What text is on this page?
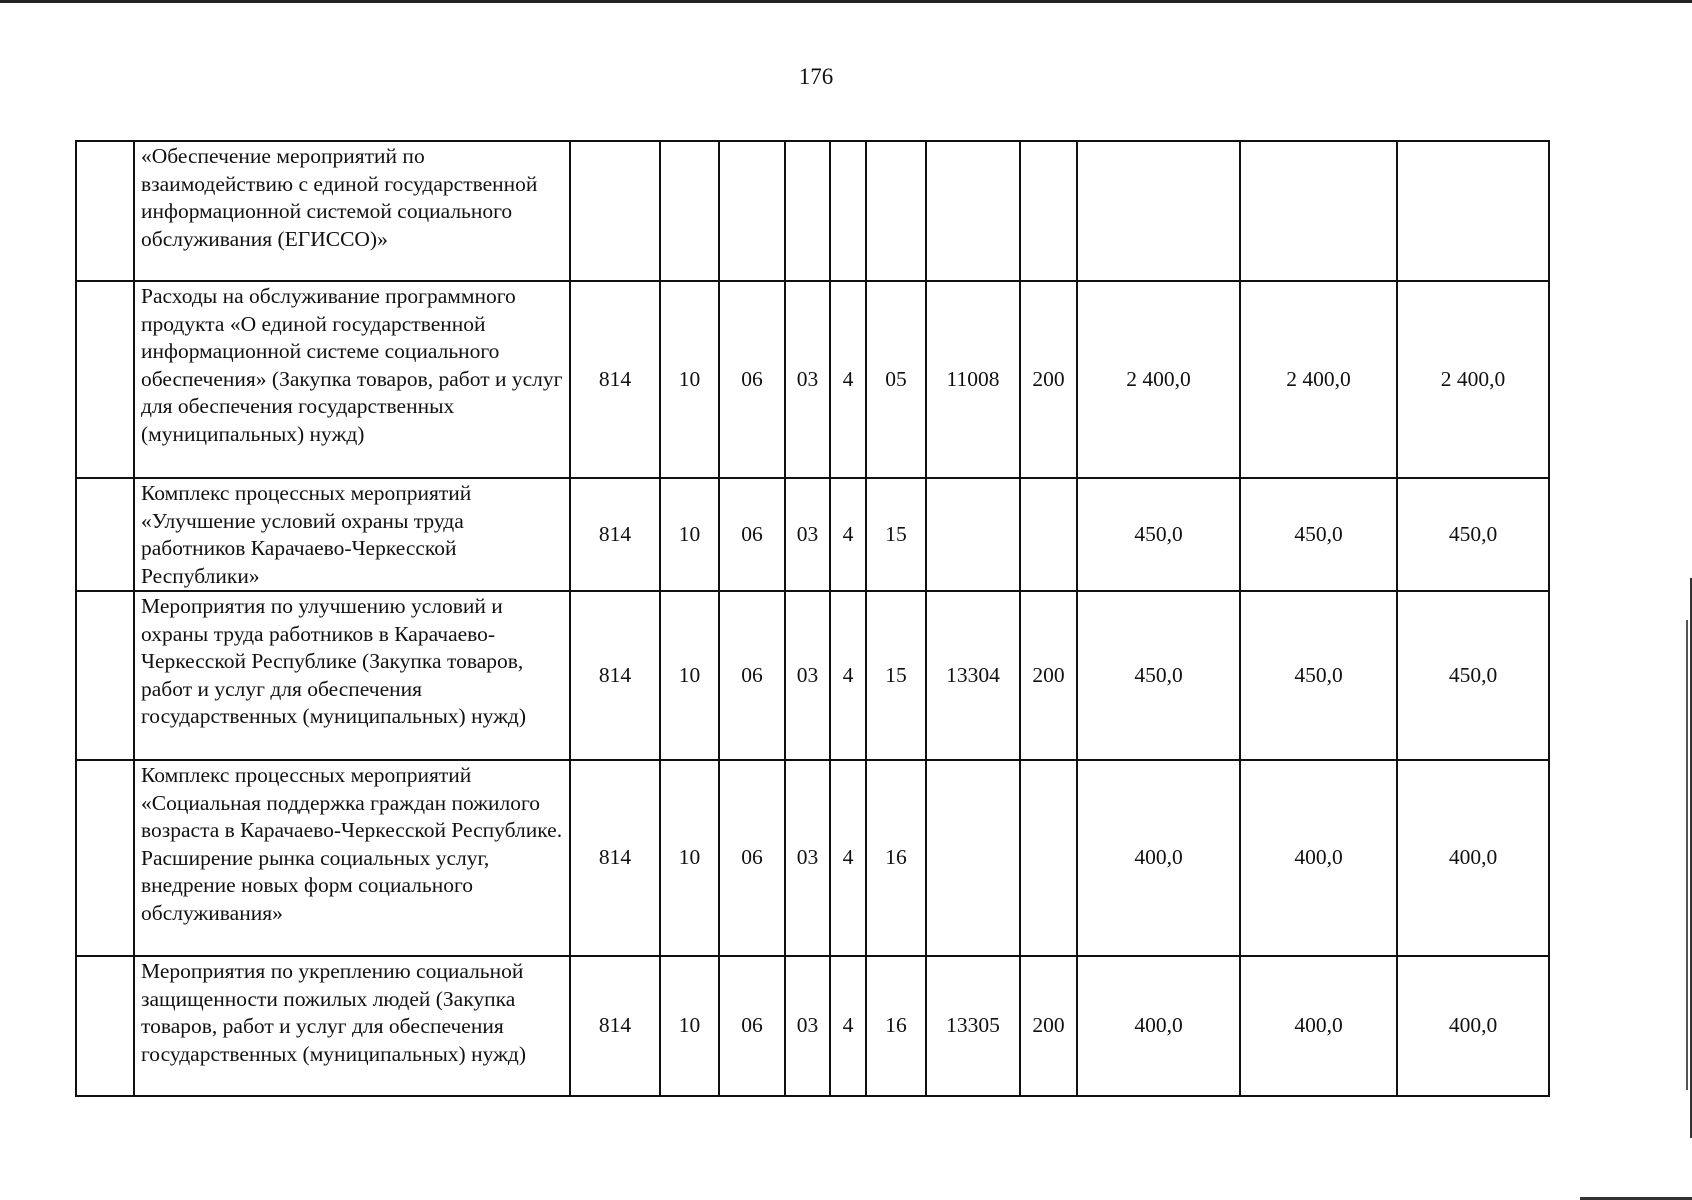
176
	«Обеспечение мероприятий по взаимодействию с единой государственной информационной системой социального обслуживания (ЕГИССО)»											
	Расходы на обслуживание программного продукта «О единой государственной информационной системе социального обеспечения» (Закупка товаров, работ и услуг для обеспечения государственных (муниципальных) нужд)	814	10	06	03	4	05	11008	200	2 400,0	2 400,0	2 400,0
	Комплекс процессных мероприятий «Улучшение условий охраны труда работников Карачаево-Черкесской Республики»	814	10	06	03	4	15			450,0	450,0	450,0
	Мероприятия по улучшению условий и охраны труда работников в Карачаево-Черкесской Республике (Закупка товаров, работ и услуг для обеспечения государственных (муниципальных) нужд)	814	10	06	03	4	15	13304	200	450,0	450,0	450,0
	Комплекс процессных мероприятий «Социальная поддержка граждан пожилого возраста в Карачаево-Черкесской Республике. Расширение рынка социальных услуг, внедрение новых форм социального обслуживания»	814	10	06	03	4	16			400,0	400,0	400,0
	Мероприятия по укреплению социальной защищенности пожилых людей (Закупка товаров, работ и услуг для обеспечения государственных (муниципальных) нужд)	814	10	06	03	4	16	13305	200	400,0	400,0	400,0
